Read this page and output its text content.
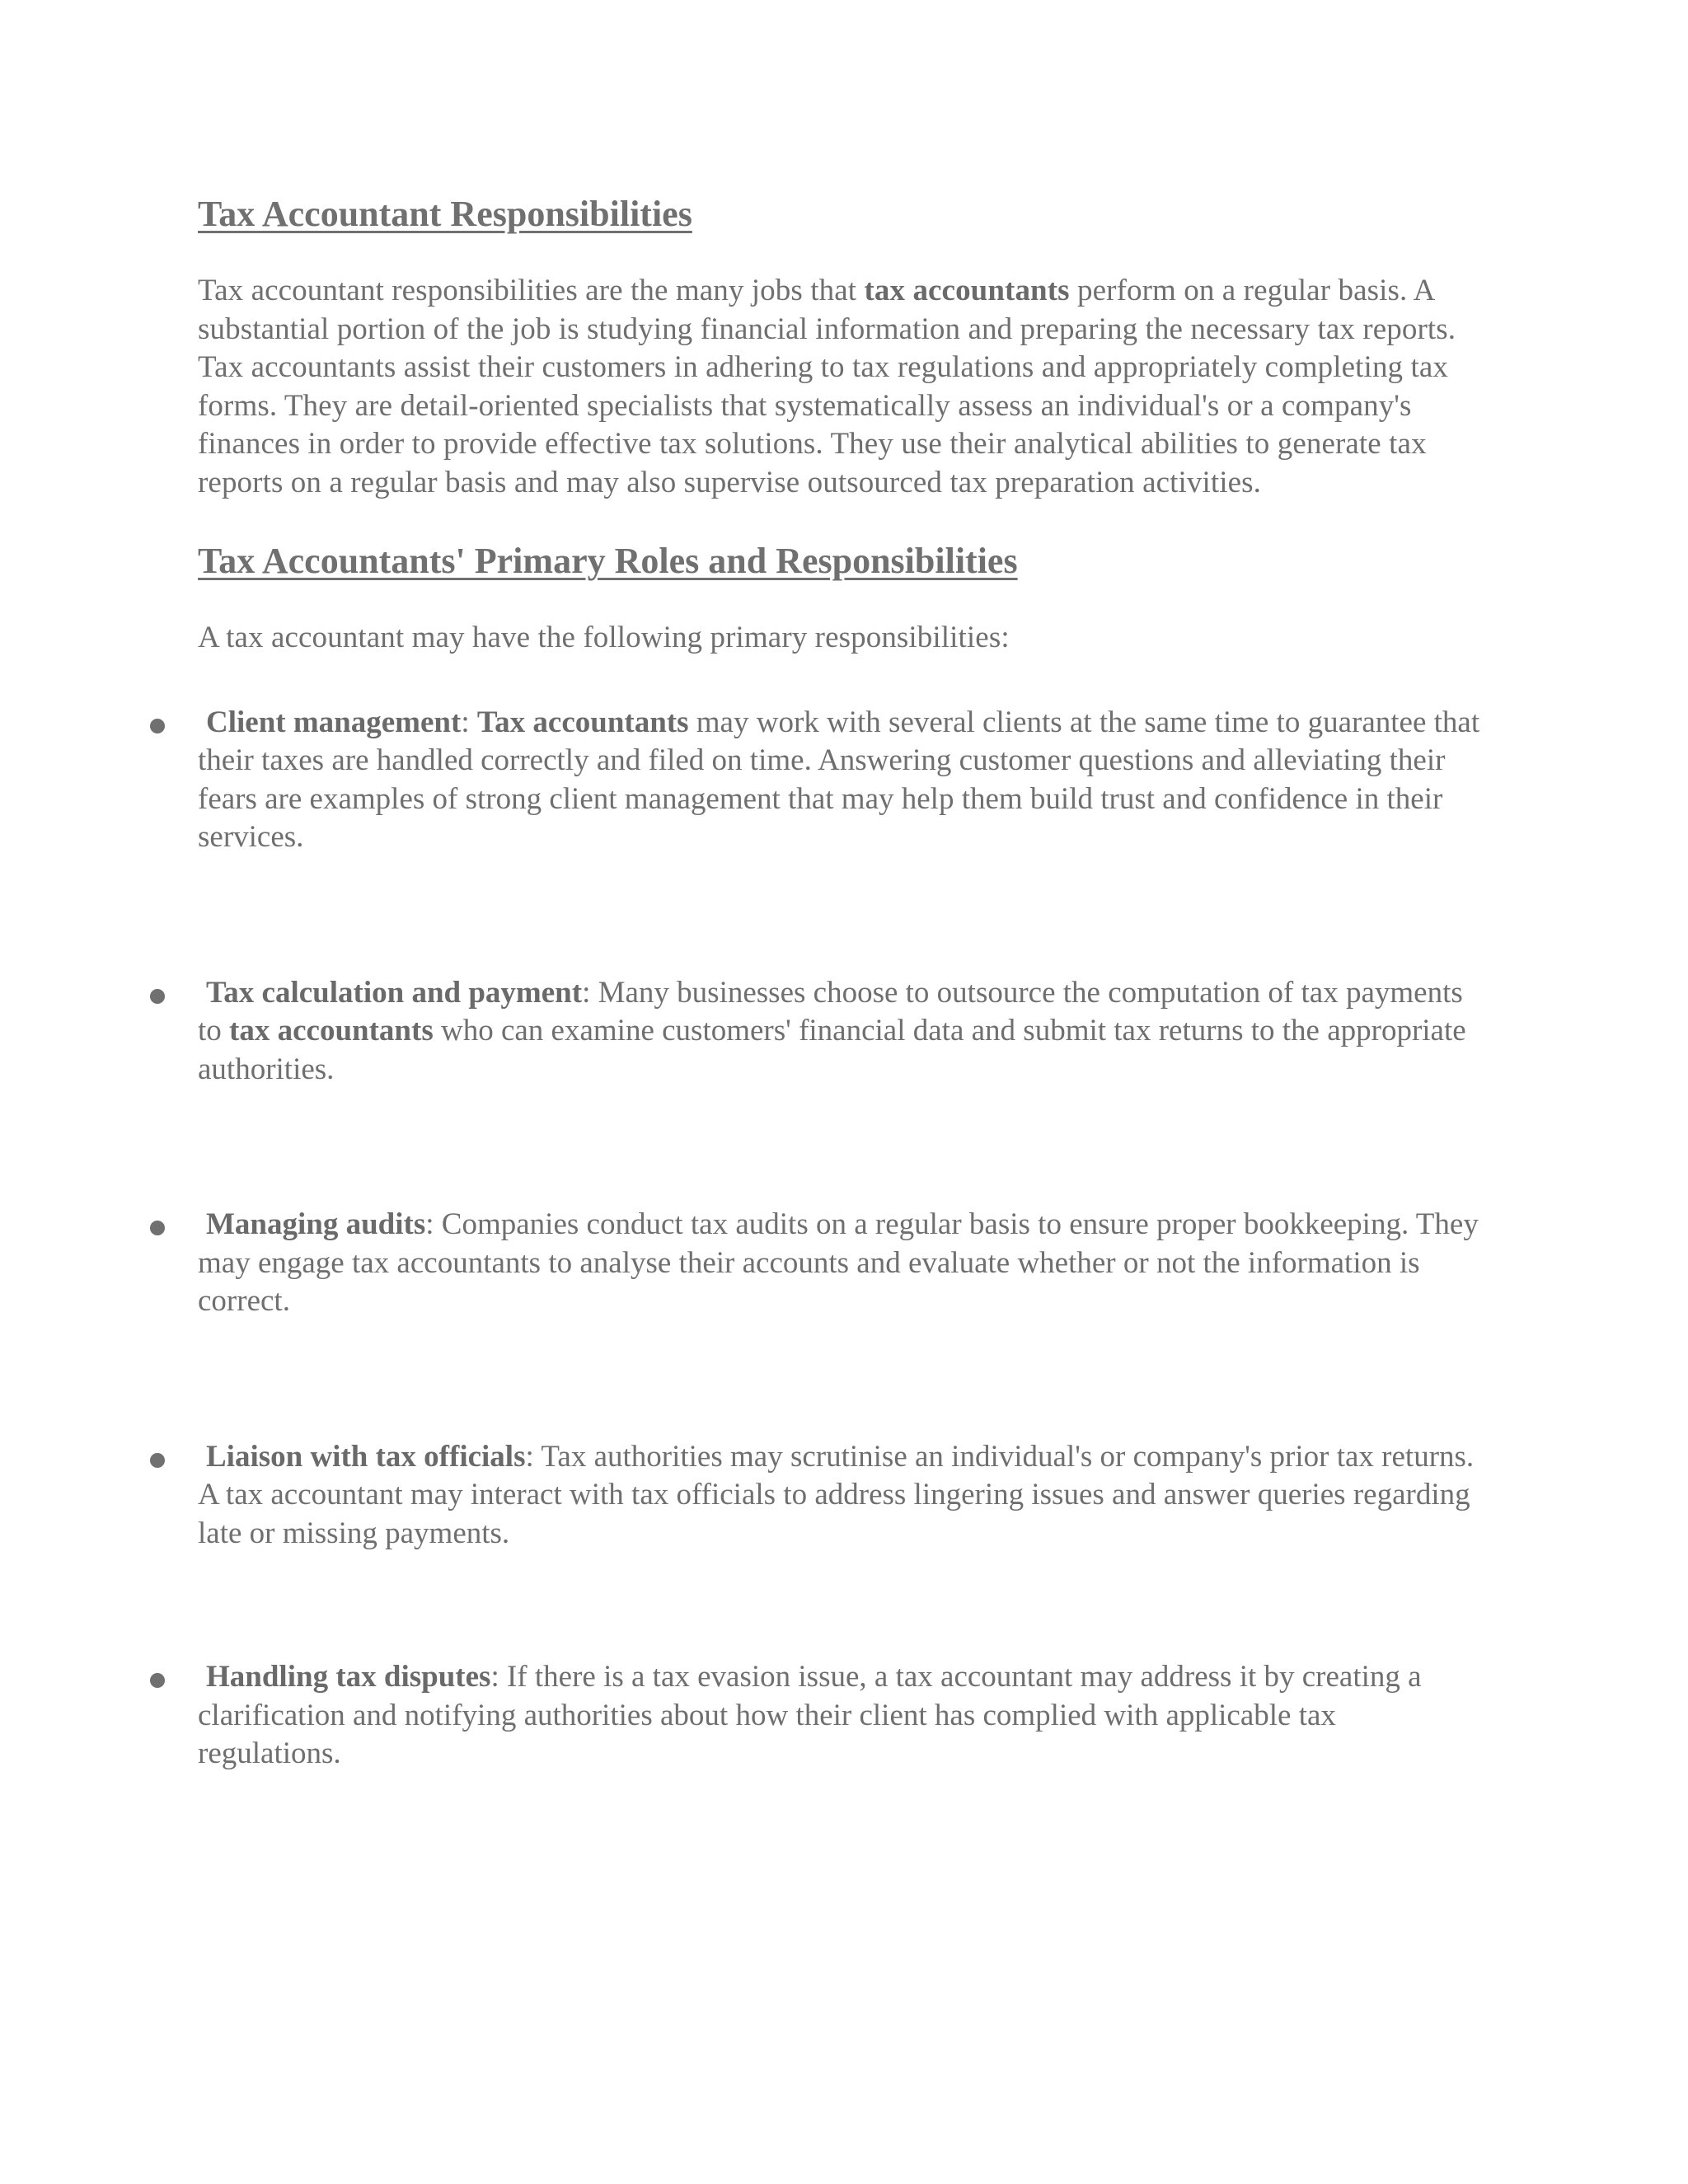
Tax Accountant Responsibilities

Tax accountant responsibilities are the many jobs that tax accountants perform on a regular basis. A substantial portion of the job is studying financial information and preparing the necessary tax reports. Tax accountants assist their customers in adhering to tax regulations and appropriately completing tax forms. They are detail-oriented specialists that systematically assess an individual's or a company's finances in order to provide effective tax solutions. They use their analytical abilities to generate tax reports on a regular basis and may also supervise outsourced tax preparation activities.

Tax Accountants' Primary Roles and Responsibilities

A tax accountant may have the following primary responsibilities:

Client management: Tax accountants may work with several clients at the same time to guarantee that their taxes are handled correctly and filed on time. Answering customer questions and alleviating their fears are examples of strong client management that may help them build trust and confidence in their services.
Tax calculation and payment: Many businesses choose to outsource the computation of tax payments to tax accountants who can examine customers' financial data and submit tax returns to the appropriate authorities.
Managing audits: Companies conduct tax audits on a regular basis to ensure proper bookkeeping. They may engage tax accountants to analyse their accounts and evaluate whether or not the information is correct.
Liaison with tax officials: Tax authorities may scrutinise an individual's or company's prior tax returns. A tax accountant may interact with tax officials to address lingering issues and answer queries regarding late or missing payments.
Handling tax disputes: If there is a tax evasion issue, a tax accountant may address it by creating a clarification and notifying authorities about how their client has complied with applicable tax regulations.
